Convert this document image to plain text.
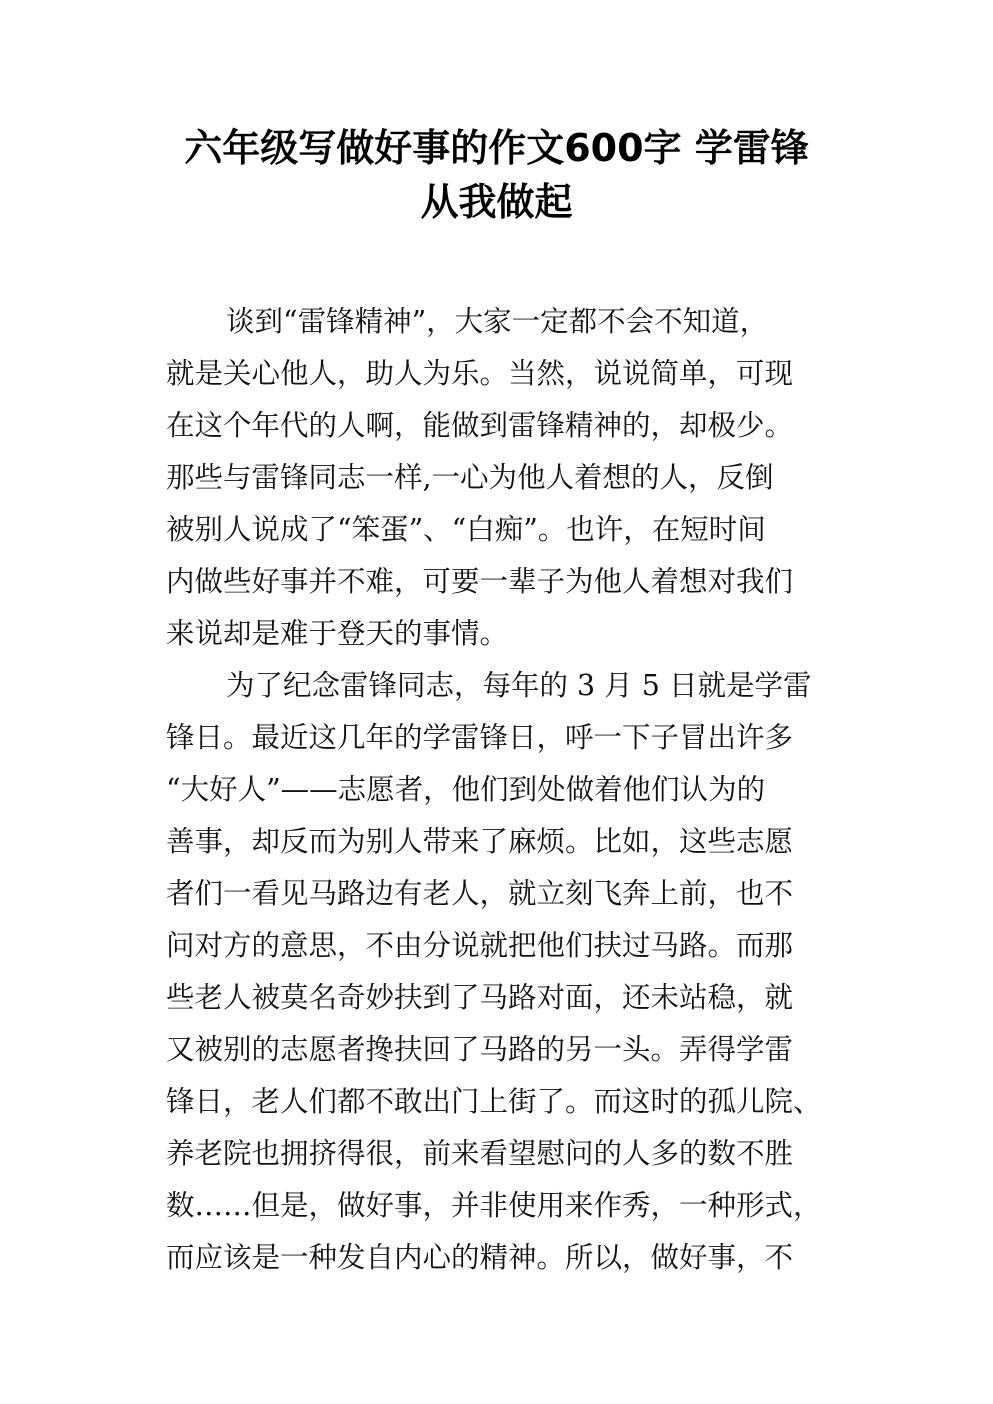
六年级写做好事的作文600字 学雷锋
从我做起
谈到“雷锋精神”，大家一定都不会不知道，
就是关心他人，助人为乐。当然，说说简单，可现
在这个年代的人啊，能做到雷锋精神的，却极少。
那些与雷锋同志一样,一心为他人着想的人，反倒
被别人说成了“笨蛋”、“白痴”。也许，在短时间
内做些好事并不难，可要一辈子为他人着想对我们
来说却是难于登天的事情。
为了纪念雷锋同志，每年的 3 月 5 日就是学雷
锋日。最近这几年的学雷锋日，呼一下子冒出许多
“大好人”——志愿者，他们到处做着他们认为的
善事，却反而为别人带来了麻烦。比如，这些志愿
者们一看见马路边有老人，就立刻飞奔上前，也不
问对方的意思，不由分说就把他们扶过马路。而那
些老人被莫名奇妙扶到了马路对面，还未站稳，就
又被别的志愿者搀扶回了马路的另一头。弄得学雷
锋日，老人们都不敢出门上街了。而这时的孤儿院、
养老院也拥挤得很，前来看望慰问的人多的数不胜
数……但是，做好事，并非使用来作秀，一种形式，
而应该是一种发自内心的精神。所以，做好事，不
